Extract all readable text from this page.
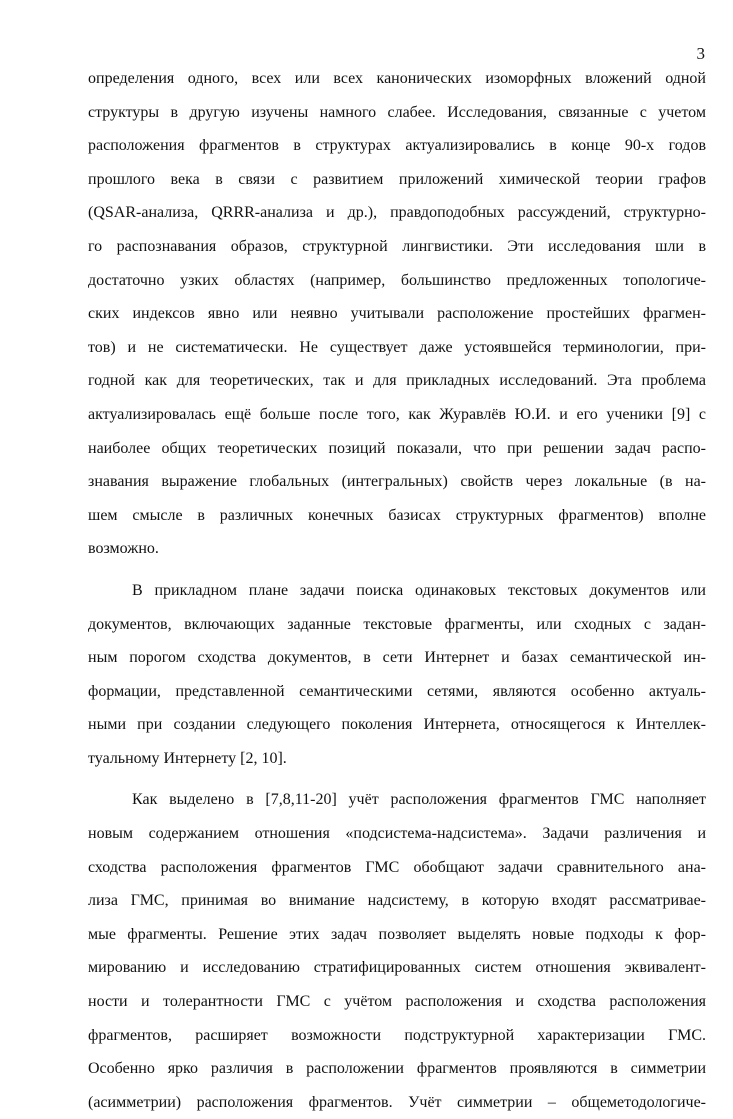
3
определения одного, всех или всех канонических изоморфных вложений одной
структуры в другую изучены намного слабее. Исследования, связанные с учетом
расположения фрагментов в структурах актуализировались в конце 90-х годов
прошлого века в связи с развитием приложений химической теории графов
(QSAR-анализа, QRRR-анализа и др.), правдоподобных рассуждений, структурно-
го распознавания образов, структурной лингвистики. Эти исследования шли в
достаточно узких областях (например, большинство предложенных топологиче-
ских индексов явно или неявно учитывали расположение простейших фрагмен-
тов) и не систематически. Не существует даже устоявшейся терминологии, при-
годной как для теоретических, так и для прикладных исследований. Эта проблема
актуализировалась ещё больше после того, как Журавлёв Ю.И. и его ученики [9] с
наиболее общих теоретических позиций показали, что при решении задач распо-
знавания выражение глобальных (интегральных) свойств через локальные (в на-
шем смысле в различных конечных базисах структурных фрагментов) вполне
возможно.
В прикладном плане задачи поиска одинаковых текстовых документов или
документов, включающих заданные текстовые фрагменты, или сходных с задан-
ным порогом сходства документов, в сети Интернет и базах семантической ин-
формации, представленной семантическими сетями, являются особенно актуаль-
ными при создании следующего поколения Интернета, относящегося к Интеллек-
туальному Интернету [2, 10].
Как выделено в [7,8,11-20] учёт расположения фрагментов ГМС наполняет
новым содержанием отношения «подсистема-надсистема». Задачи различения и
сходства расположения фрагментов ГМС обобщают задачи сравнительного ана-
лиза ГМС, принимая во внимание надсистему, в которую входят рассматривае-
мые фрагменты. Решение этих задач позволяет выделять новые подходы к фор-
мированию и исследованию стратифицированных систем отношения эквивалент-
ности и толерантности ГМС с учётом расположения и сходства расположения
фрагментов, расширяет возможности подструктурной характеризации ГМС.
Особенно ярко различия в расположении фрагментов проявляются в симметрии
(асимметрии) расположения фрагментов. Учёт симметрии – общеметодологиче-
